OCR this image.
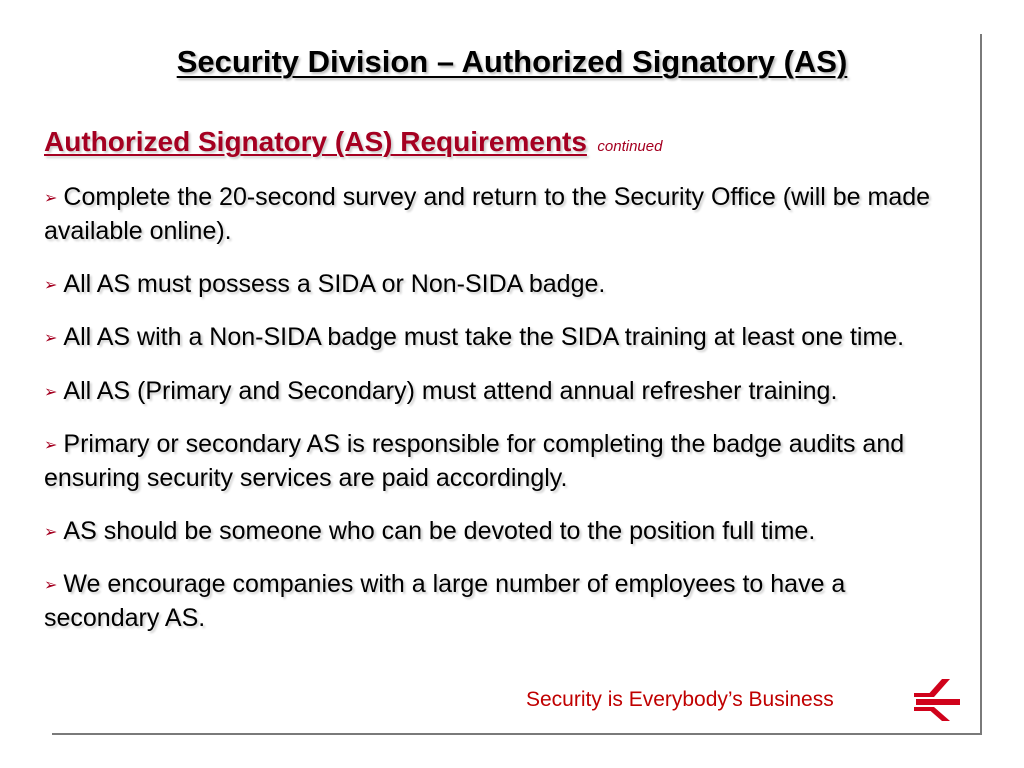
Security Division – Authorized Signatory (AS)
Authorized Signatory (AS) Requirements continued
➢ Complete the 20-second survey and return to the Security Office (will be made available online).
➢ All AS must possess a SIDA or Non-SIDA badge.
➢ All AS with a Non-SIDA badge must take the SIDA training at least one time.
➢ All AS (Primary and Secondary) must attend annual refresher training.
➢ Primary or secondary AS is responsible for completing the badge audits and ensuring security services are paid accordingly.
➢ AS should be someone who can be devoted to the position full time.
➢ We encourage companies with a large number of employees to have a secondary AS.
Security is Everybody’s Business
